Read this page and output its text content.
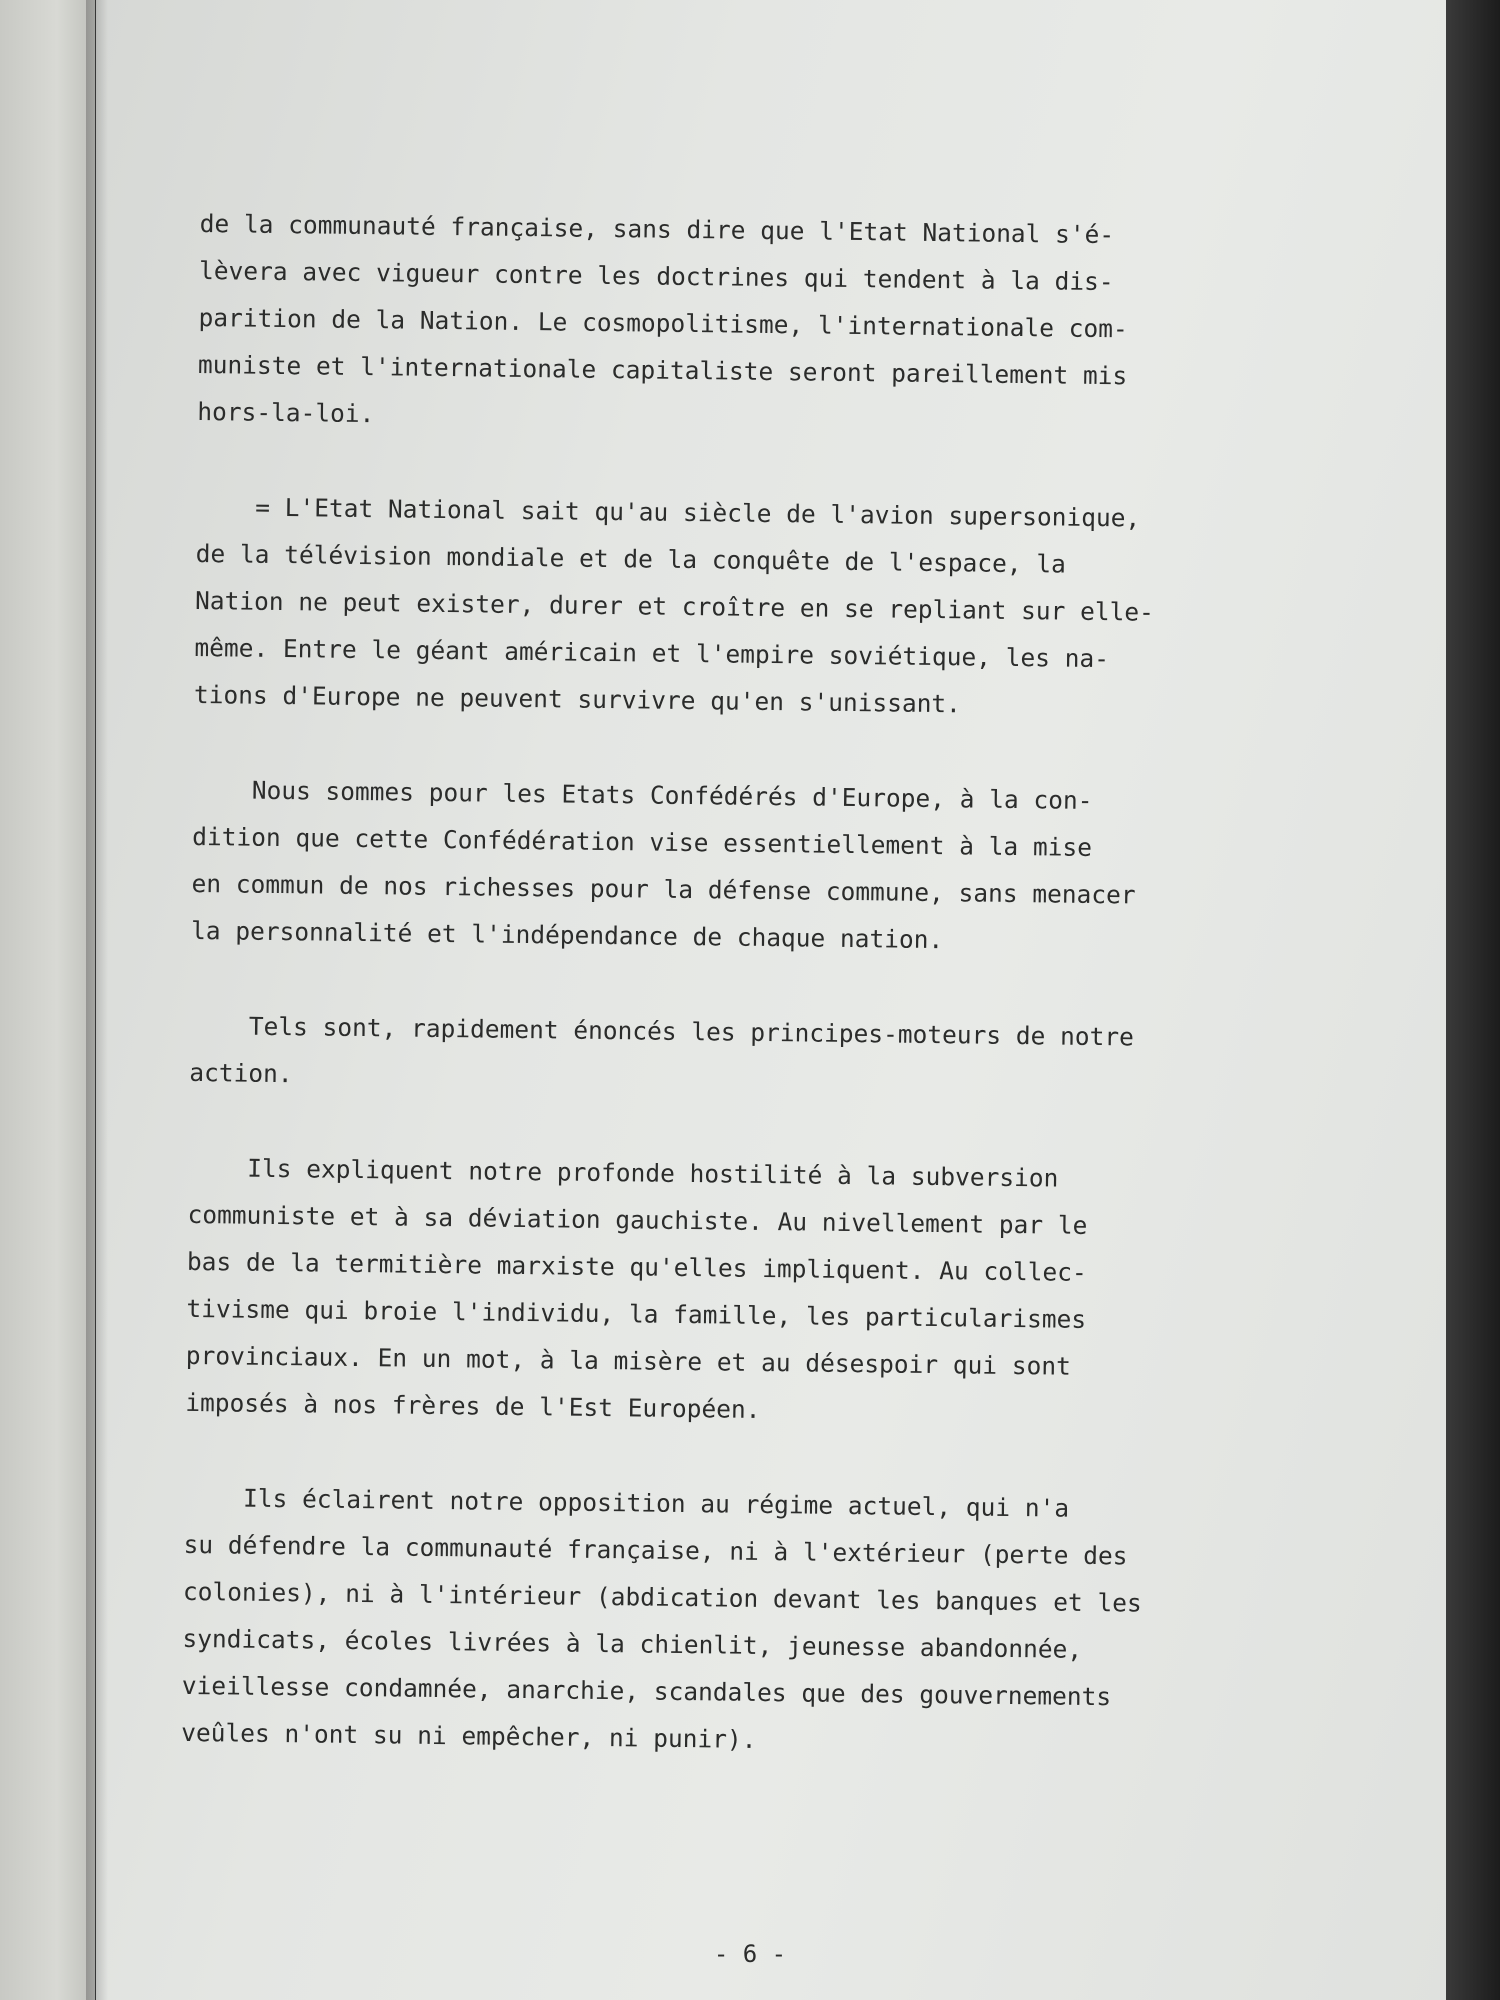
de la communauté française, sans dire que l'Etat National s'é-
lèvera avec vigueur contre les doctrines qui tendent à la dis-
parition de la Nation. Le cosmopolitisme, l'internationale com-
muniste et l'internationale capitaliste seront pareillement mis
hors-la-loi.
= L'Etat National sait qu'au siècle de l'avion supersonique,
de la télévision mondiale et de la conquête de l'espace, la
Nation ne peut exister, durer et croître en se repliant sur elle-
même. Entre le géant américain et l'empire soviétique, les na-
tions d'Europe ne peuvent survivre qu'en s'unissant.
Nous sommes pour les Etats Confédérés d'Europe, à la con-
dition que cette Confédération vise essentiellement à la mise
en commun de nos richesses pour la défense commune, sans menacer
la personnalité et l'indépendance de chaque nation.
Tels sont, rapidement énoncés les principes-moteurs de notre
action.
Ils expliquent notre profonde hostilité à la subversion
communiste et à sa déviation gauchiste. Au nivellement par le
bas de la termitière marxiste qu'elles impliquent. Au collec-
tivisme qui broie l'individu, la famille, les particularismes
provinciaux. En un mot, à la misère et au désespoir qui sont
imposés à nos frères de l'Est Européen.
Ils éclairent notre opposition au régime actuel, qui n'a
su défendre la communauté française, ni à l'extérieur (perte des
colonies), ni à l'intérieur (abdication devant les banques et les
syndicats, écoles livrées à la chienlit, jeunesse abandonnée,
vieillesse condamnée, anarchie, scandales que des gouvernements
veûles n'ont su ni empêcher, ni punir).
- 6 -
